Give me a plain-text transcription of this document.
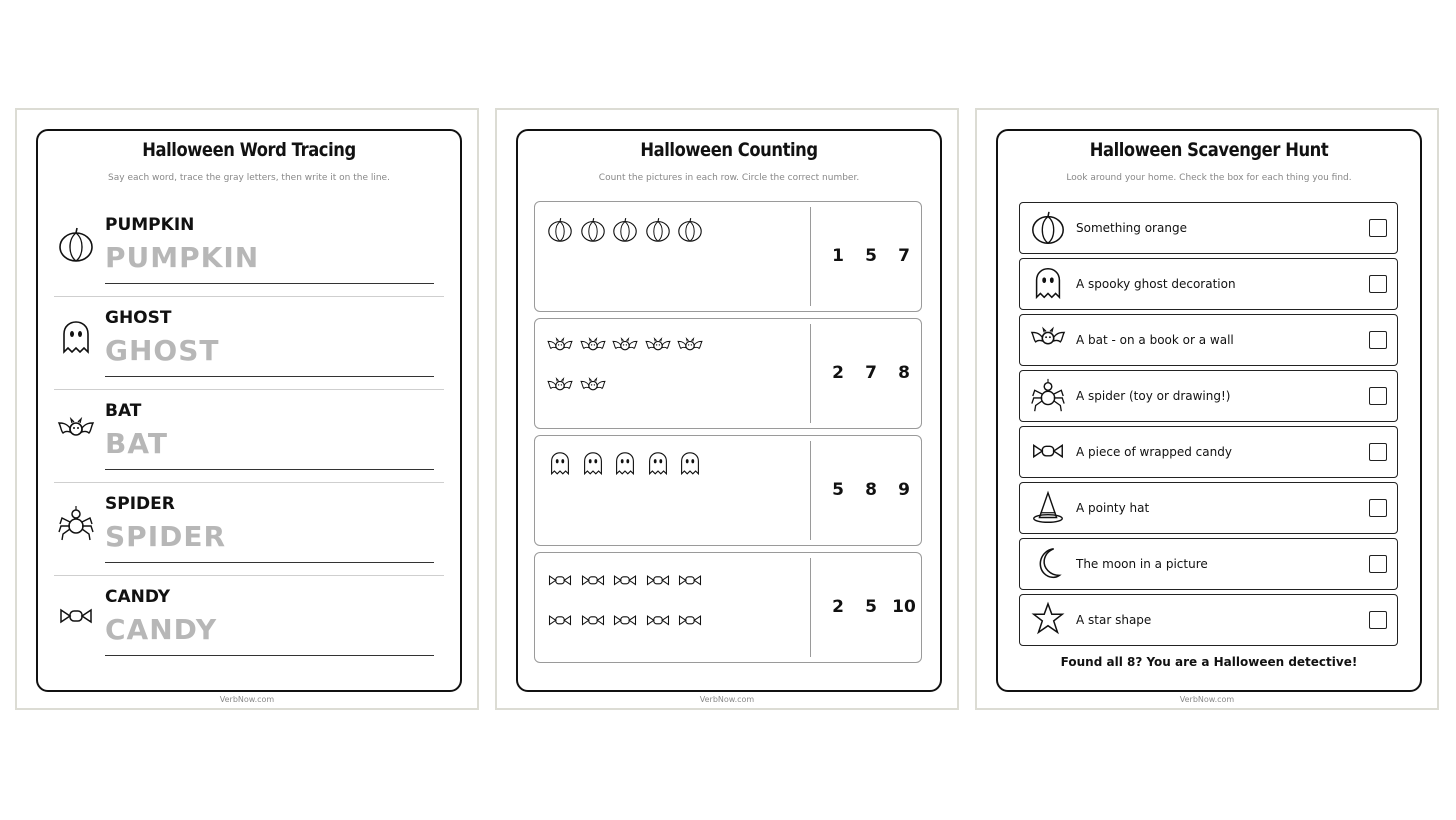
Halloween Word Tracing
Say each word, trace the gray letters, then write it on the line.
PUMPKIN
PUMPKIN
GHOST
GHOST
BAT
BAT
SPIDER
SPIDER
CANDY
CANDY
VerbNow.com
Halloween Counting
Count the pictures in each row. Circle the correct number.
1	5	7
2	7	8
5	8	9
2	5 10
VerbNow.com
Halloween Scavenger Hunt
Look around your home. Check the box for each thing you find.
Something orange
A spooky ghost decoration
A bat - on a book or a wall
A spider (toy or drawing!)
A piece of wrapped candy
A pointy hat
The moon in a picture
A star shape
Found all 8? You are a Halloween detective!
VerbNow.com
